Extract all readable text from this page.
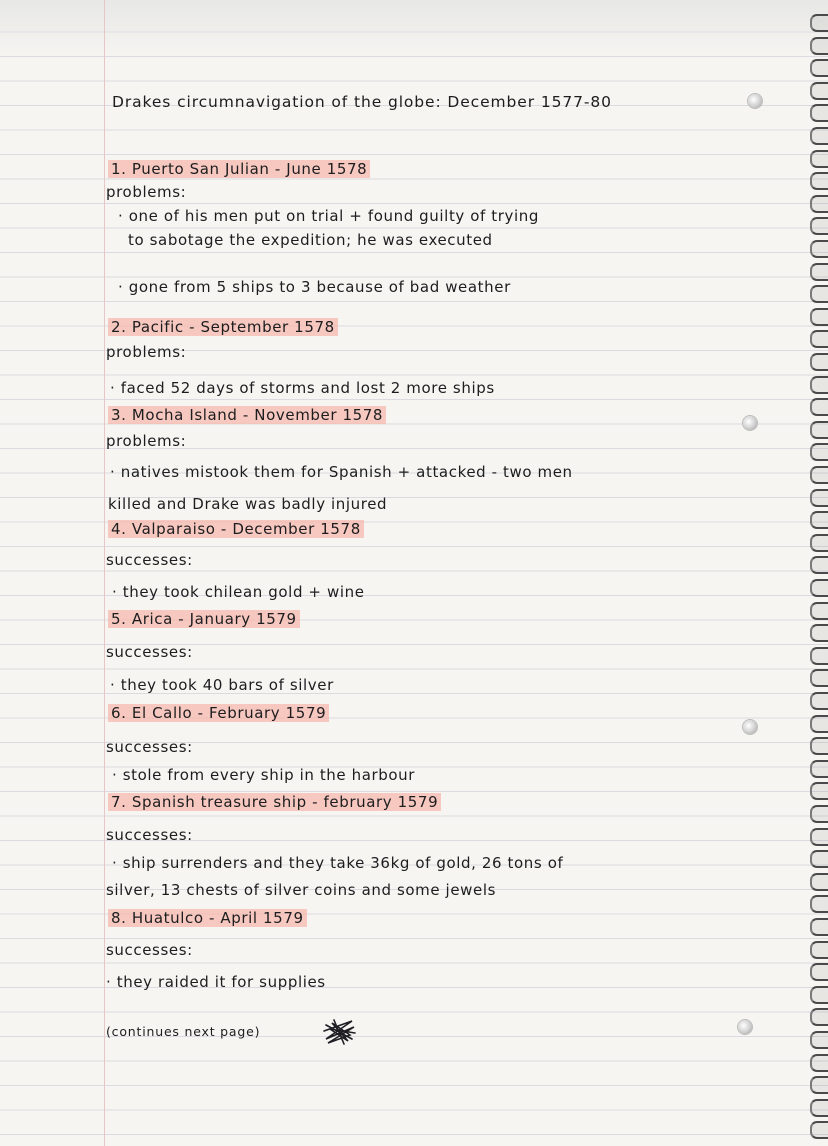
Drakes circumnavigation of the globe: December 1577-80
1. Puerto San Julian - June 1578
problems:
· one of his men put on trial + found guilty of trying
to sabotage the expedition; he was executed
· gone from 5 ships to 3 because of bad weather
2. Pacific - September 1578
problems:
· faced 52 days of storms and lost 2 more ships
3. Mocha Island - November 1578
problems:
· natives mistook them for Spanish + attacked - two men
killed and Drake was badly injured
4. Valparaiso - December 1578
successes:
· they took chilean gold + wine
5. Arica - January 1579
successes:
· they took 40 bars of silver
6. El Callo - February 1579
successes:
· stole from every ship in the harbour
7. Spanish treasure ship - february 1579
successes:
· ship surrenders and they take 36kg of gold, 26 tons of
silver, 13 chests of silver coins and some jewels
8. Huatulco - April 1579
successes:
· they raided it for supplies
(continues next page)
